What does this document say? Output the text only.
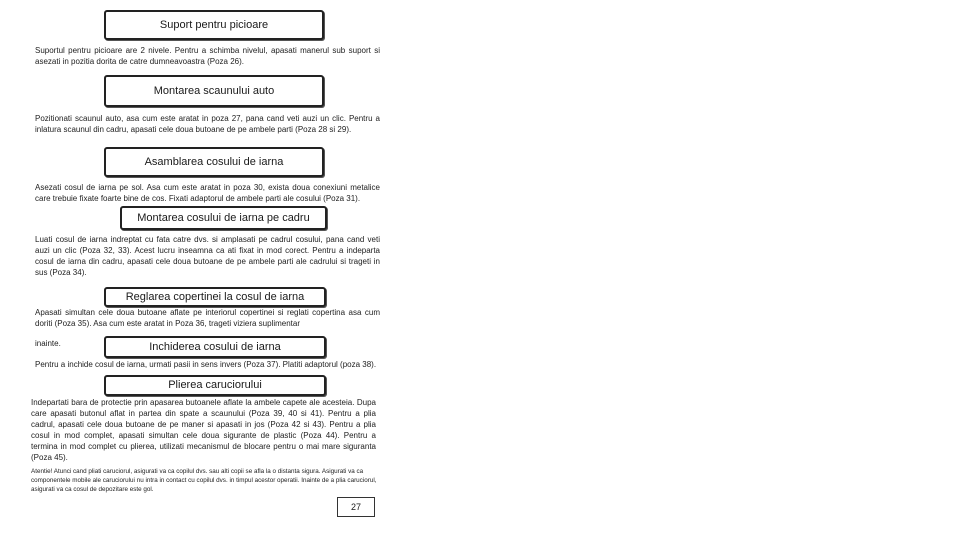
Suport pentru picioare

Suportul pentru picioare are 2 nivele. Pentru a schimba nivelul, apasati manerul sub suport si asezati in pozitia dorita de catre dumneavoastra (Poza 26).

Montarea scaunului auto

Pozitionati scaunul auto, asa cum este aratat in poza 27, pana cand veti auzi un clic. Pentru a inlatura scaunul din cadru, apasati cele doua butoane de pe ambele parti (Poza 28 si 29).

Asamblarea cosului de iarna

Asezati cosul de iarna pe sol. Asa cum este aratat in poza 30, exista doua conexiuni metalice care trebuie fixate foarte bine de cos. Fixati adaptorul de ambele parti ale cosului (Poza 31).

Montarea cosului de iarna pe cadru

Luati cosul de iarna indreptat cu fata catre dvs. si amplasati pe cadrul cosului, pana cand veti auzi un clic (Poza 32, 33). Acest lucru inseamna ca ati fixat in mod corect. Pentru a indeparta cosul de iarna din cadru, apasati cele doua butoane de pe ambele parti ale cadrului si trageti in sus (Poza 34).

Reglarea copertinei la cosul de iarna

Apasati simultan cele doua butoane aflate pe interiorul copertinei si reglati copertina asa cum doriti (Poza 35). Asa cum este aratat in Poza 36, trageti viziera suplimentar

inainte.	Inchiderea cosului de iarna

Pentru a inchide cosul de iarna, urmati pasii in sens invers (Poza 37). Platiti adaptorul (poza 38).

Plierea caruciorului

Indepartati bara de protectie prin apasarea butoanele aflate la ambele capete ale acesteia. Dupa care apasati butonul aflat in partea din spate a scaunului (Poza 39, 40 si 41). Pentru a plia cadrul, apasati cele doua butoane de pe maner si apasati in jos (Poza 42 si 43). Pentru a plia cosul in mod complet, apasati simultan cele doua sigurante de plastic (Poza 44). Pentru a termina in mod complet cu plierea, utilizati mecanismul de blocare pentru o mai mare siguranta (Poza 45).

Atentie! Atunci cand pliati caruciorul, asigurati va ca copilul dvs. sau alti copii se afla la o distanta sigura. Asigurati va ca componentele mobile ale caruciorului nu intra in contact cu copilul dvs. in timpul acestor operatii. Inainte de a plia caruciorul, asigurati va ca cosul de depozitare este gol.

27
